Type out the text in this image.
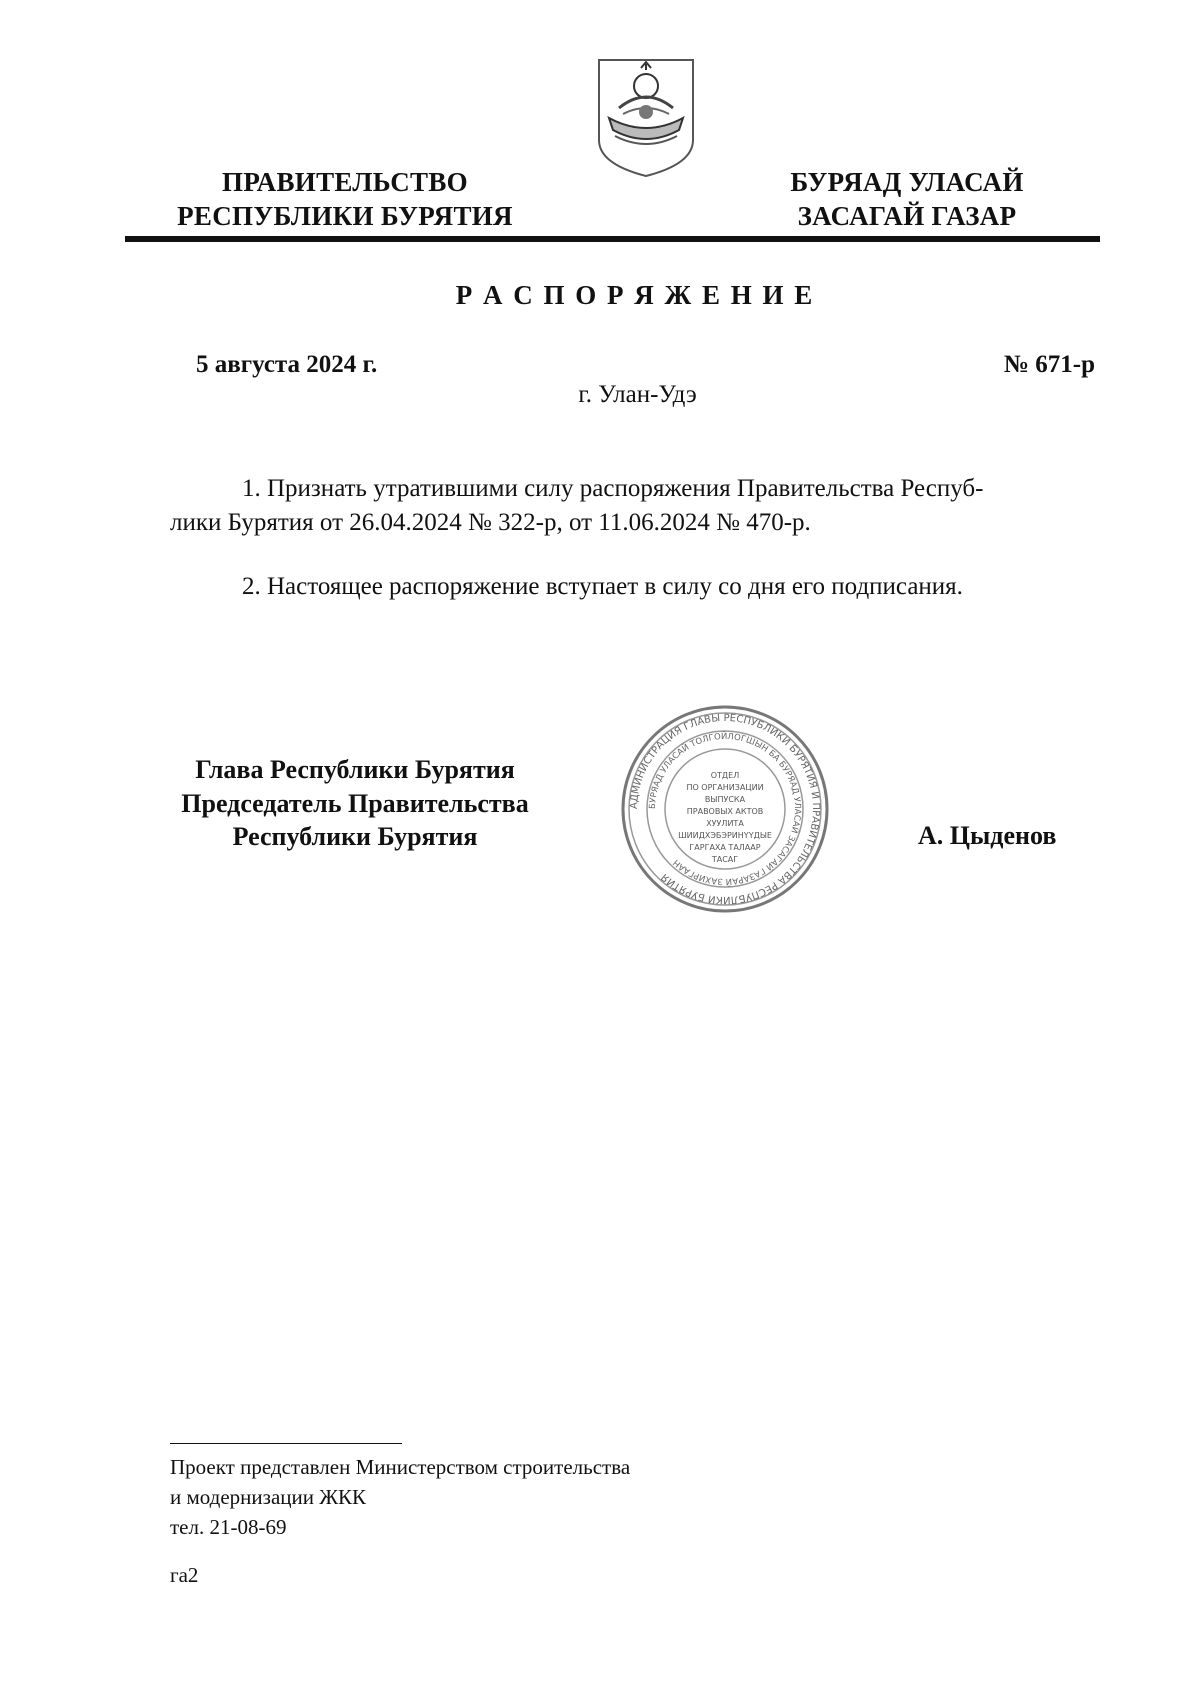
ПРАВИТЕЛЬСТВО
РЕСПУБЛИКИ БУРЯТИЯ
БУРЯАД УЛАСАЙ
ЗАСАГАЙ ГАЗАР
Р А С П О Р Я Ж Е Н И Е
5 августа 2024 г.	№ 671-р
г. Улан-Удэ
1. Признать утратившими силу распоряжения Правительства Респуб-
лики Бурятия от 26.04.2024 № 322-р, от 11.06.2024 № 470-р.
2. Настоящее распоряжение вступает в силу со дня его подписания.
Глава Республики Бурятия
Председатель Правительства
Республики Бурятия
АДМИНИСТРАЦИЯ ГЛАВЫ РЕСПУБЛИКИ БУРЯТИЯ И ПРАВИТЕЛЬСТВА РЕСПУБЛИКИ БУРЯТИЯ
БУРЯАД УЛАСАЙ ТОЛГОЙЛОГШЫН БА БУРЯАД УЛАСАЙ ЗАСАГАЙ ГАЗАРАЙ ЗАХИРГААН
ОТДЕЛ
ПО ОРГАНИЗАЦИИ
ВЫПУСКА
ПРАВОВЫХ АКТОВ
ХУУЛИТА
ШИИДХЭБЭРИНҮҮДЫЕ
ГАРГАХА ТАЛААР
ТАСАГ
А. Цыденов
Проект представлен Министерством строительства
и модернизации ЖКК
тел. 21-08-69
га2
